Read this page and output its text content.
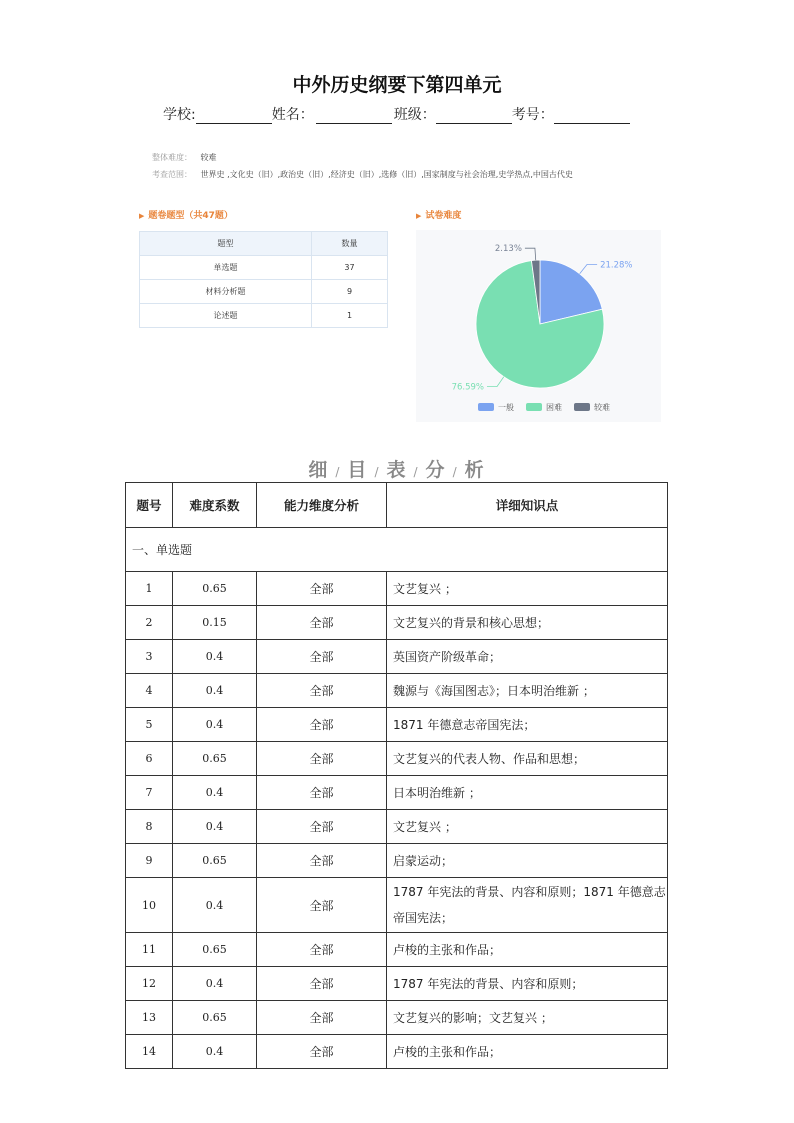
中外历史纲要下第四单元
学校:	姓名：	班级：	考号：
整体难度： 较难
考查范围： 世界史 ,文化史（旧）,政治史（旧）,经济史（旧）,选修（旧）,国家制度与社会治理,史学热点,中国古代史
▶ 题卷题型（共47题）
题型	数量
单选题	37
材料分析题	9
论述题	1
▶ 试卷难度
21.28%
76.59%
2.13%
一般	困难	较难
细 / 目 / 表 / 分 / 析
题号	难度系数	能力维度分析	详细知识点
一、单选题			
1	0.65	全部	文艺复兴 ；
2	0.15	全部	文艺复兴的背景和核心思想；
3	0.4	全部	英国资产阶级革命；
4	0.4	全部	魏源与《海国图志》；日本明治维新 ；
5	0.4	全部	1871 年德意志帝国宪法；
6	0.65	全部	文艺复兴的代表人物、作品和思想；
7	0.4	全部	日本明治维新 ；
8	0.4	全部	文艺复兴 ；
9	0.65	全部	启蒙运动；
10	0.4	全部	1787 年宪法的背景、内容和原则；1871 年德意志帝国宪法；
11	0.65	全部	卢梭的主张和作品；
12	0.4	全部	1787 年宪法的背景、内容和原则；
13	0.65	全部	文艺复兴的影响；文艺复兴 ；
14	0.4	全部	卢梭的主张和作品；
